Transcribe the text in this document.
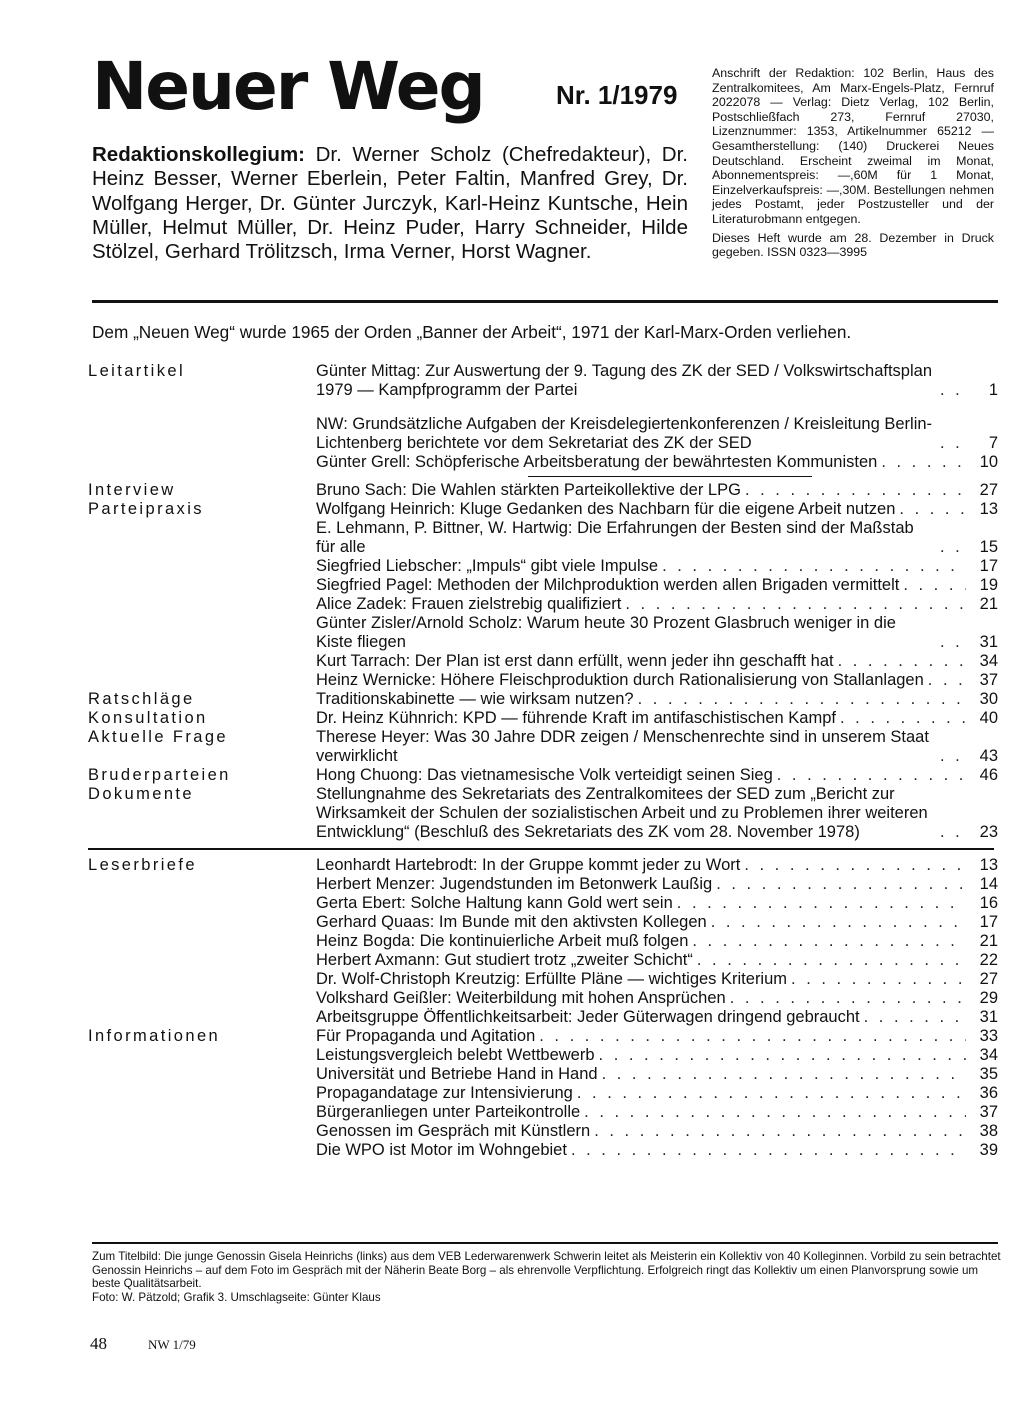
Neuer Weg	Nr. 1/1979

Anschrift der Redaktion: 102 Berlin, Haus des Zentralkomitees, Am Marx-Engels-Platz, Fernruf 2022078 — Verlag: Dietz Verlag, 102 Berlin, Postschließfach 273, Fernruf 27030, Lizenznummer: 1353, Artikelnummer 65212 — Gesamtherstellung: (140) Druckerei Neues Deutschland. Erscheint zweimal im Monat, Abonnementspreis: —,60M für 1 Monat, Einzelverkaufspreis: —,30M. Bestellungen nehmen jedes Postamt, jeder Postzusteller und der Literaturobmann entgegen.

Dieses Heft wurde am 28. Dezember in Druck gegeben. ISSN 0323—3995

Redaktionskollegium: Dr. Werner Scholz (Chefredakteur), Dr. Heinz Besser, Werner Eberlein, Peter Faltin, Manfred Grey, Dr. Wolfgang Herger, Dr. Günter Jurczyk, Karl-Heinz Kuntsche, Hein Müller, Helmut Müller, Dr. Heinz Puder, Harry Schneider, Hilde Stölzel, Gerhard Trölitzsch, Irma Verner, Horst Wagner.
Dem „Neuen Weg“ wurde 1965 der Orden „Banner der Arbeit“, 1971 der Karl-Marx-Orden verliehen.
Leitartikel	Günter Mittag: Zur Auswertung der 9. Tagung des ZK der SED / Volkswirtschaftsplan 1979 — Kampfprogramm der Partei . . .	1
NW: Grundsätzliche Aufgaben der Kreisdelegiertenkonferenzen / Kreisleitung Berlin-Lichtenberg berichtete vor dem Sekretariat des ZK der SED . . .	7
Günter Grell: Schöpferische Arbeitsberatung der bewährtesten Kommunisten . . .	10
Interview	Bruno Sach: Die Wahlen stärkten Parteikollektive der LPG . . .	27
Parteipraxis	Wolfgang Heinrich: Kluge Gedanken des Nachbarn für die eigene Arbeit nutzen . . .	13
E. Lehmann, P. Bittner, W. Hartwig: Die Erfahrungen der Besten sind der Maßstab für alle . . .	15
Siegfried Liebscher: „Impuls“ gibt viele Impulse . . .	17
Siegfried Pagel: Methoden der Milchproduktion werden allen Brigaden vermittelt . . .	19
Alice Zadek: Frauen zielstrebig qualifiziert . . .	21
Günter Zisler/Arnold Scholz: Warum heute 30 Prozent Glasbruch weniger in die Kiste fliegen . . .	31
Kurt Tarrach: Der Plan ist erst dann erfüllt, wenn jeder ihn geschafft hat . . .	34
Heinz Wernicke: Höhere Fleischproduktion durch Rationalisierung von Stallanlagen . . .	37
Ratschläge	Traditionskabinette — wie wirksam nutzen? . . .	30
Konsultation	Dr. Heinz Kühnrich: KPD — führende Kraft im antifaschistischen Kampf . . .	40
Aktuelle Frage	Therese Heyer: Was 30 Jahre DDR zeigen / Menschenrechte sind in unserem Staat verwirklicht . . .	43
Bruderparteien	Hong Chuong: Das vietnamesische Volk verteidigt seinen Sieg . . .	46
Dokumente	Stellungnahme des Sekretariats des Zentralkomitees der SED zum „Bericht zur Wirksamkeit der Schulen der sozialistischen Arbeit und zu Problemen ihrer weiteren Entwicklung“ (Beschluß des Sekretariats des ZK vom 28. November 1978) . . .	23
Leserbriefe	Leonhardt Hartebrodt: In der Gruppe kommt jeder zu Wort . . .	13
Herbert Menzer: Jugendstunden im Betonwerk Laußig . . .	14
Gerta Ebert: Solche Haltung kann Gold wert sein . . .	16
Gerhard Quaas: Im Bunde mit den aktivsten Kollegen . . .	17
Heinz Bogda: Die kontinuierliche Arbeit muß folgen . . .	21
Herbert Axmann: Gut studiert trotz „zweiter Schicht“ . . .	22
Dr. Wolf-Christoph Kreutzig: Erfüllte Pläne — wichtiges Kriterium . . .	27
Volkshard Geißler: Weiterbildung mit hohen Ansprüchen . . .	29
Arbeitsgruppe Öffentlichkeitsarbeit: Jeder Güterwagen dringend gebraucht . . .	31
Informationen	Für Propaganda und Agitation . . .	33
Leistungsvergleich belebt Wettbewerb . . .	34
Universität und Betriebe Hand in Hand . . .	35
Propagandatage zur Intensivierung . . .	36
Bürgeranliegen unter Parteikontrolle . . .	37
Genossen im Gespräch mit Künstlern . . .	38
Die WPO ist Motor im Wohngebiet . . .	39
Zum Titelbild: Die junge Genossin Gisela Heinrichs (links) aus dem VEB Lederwarenwerk Schwerin leitet als Meisterin ein Kollektiv von 40 Kolleginnen. Vorbild zu sein betrachtet Genossin Heinrichs – auf dem Foto im Gespräch mit der Näherin Beate Borg – als ehrenvolle Verpflichtung. Erfolgreich ringt das Kollektiv um einen Planvorsprung sowie um beste Qualitätsarbeit.
Foto: W. Pätzold; Grafik 3. Umschlagseite: Günter Klaus
48	NW 1/79
